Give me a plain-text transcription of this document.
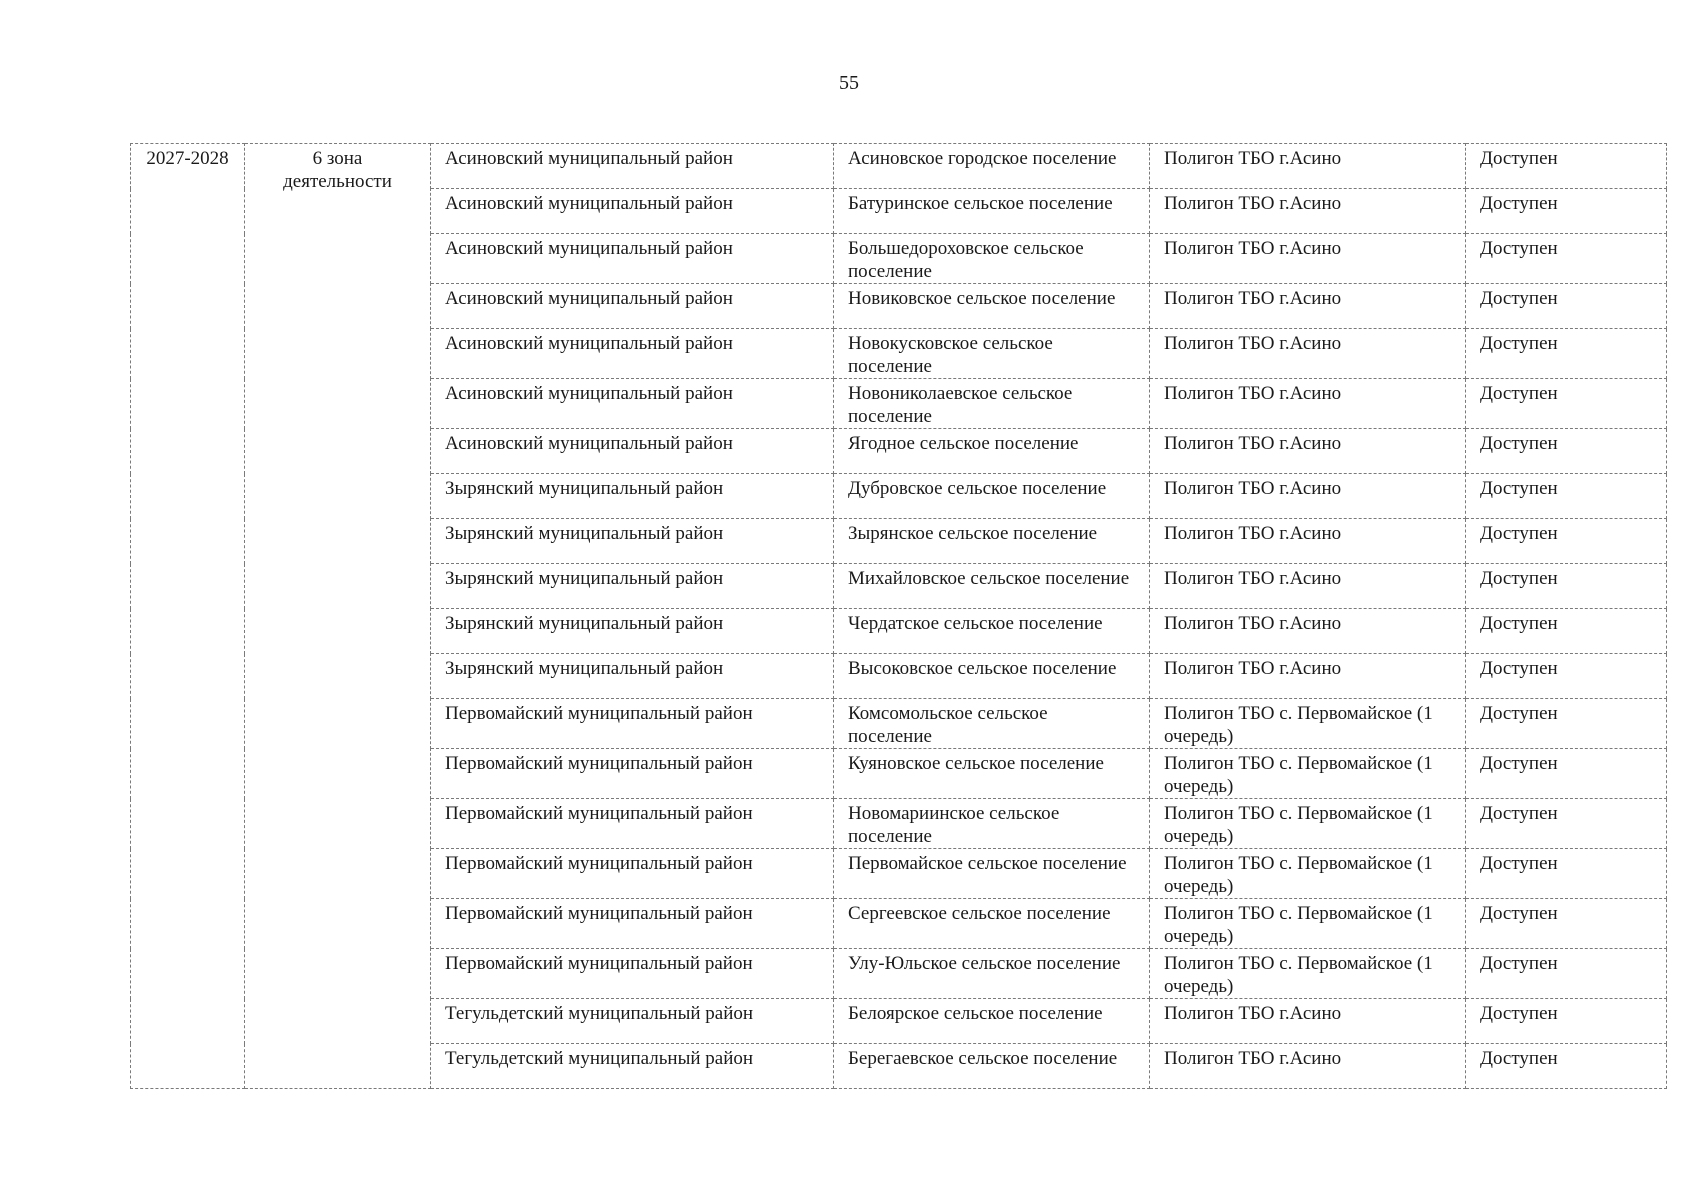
55
2027-2028	6 зона деятельности	Асиновский муниципальный район	Асиновское городское поселение	Полигон ТБО г.Асино	Доступен
		Асиновский муниципальный район	Батуринское сельское поселение	Полигон ТБО г.Асино	Доступен
		Асиновский муниципальный район	Большедороховское сельское поселение	Полигон ТБО г.Асино	Доступен
		Асиновский муниципальный район	Новиковское сельское поселение	Полигон ТБО г.Асино	Доступен
		Асиновский муниципальный район	Новокусковское сельское поселение	Полигон ТБО г.Асино	Доступен
		Асиновский муниципальный район	Новониколаевское сельское поселение	Полигон ТБО г.Асино	Доступен
		Асиновский муниципальный район	Ягодное сельское поселение	Полигон ТБО г.Асино	Доступен
		Зырянский муниципальный район	Дубровское сельское поселение	Полигон ТБО г.Асино	Доступен
		Зырянский муниципальный район	Зырянское сельское поселение	Полигон ТБО г.Асино	Доступен
		Зырянский муниципальный район	Михайловское сельское поселение	Полигон ТБО г.Асино	Доступен
		Зырянский муниципальный район	Чердатское сельское поселение	Полигон ТБО г.Асино	Доступен
		Зырянский муниципальный район	Высоковское сельское поселение	Полигон ТБО г.Асино	Доступен
		Первомайский муниципальный район	Комсомольское сельское поселение	Полигон ТБО с. Первомайское (1 очередь)	Доступен
		Первомайский муниципальный район	Куяновское сельское поселение	Полигон ТБО с. Первомайское (1 очередь)	Доступен
		Первомайский муниципальный район	Новомариинское сельское поселение	Полигон ТБО с. Первомайское (1 очередь)	Доступен
		Первомайский муниципальный район	Первомайское сельское поселение	Полигон ТБО с. Первомайское (1 очередь)	Доступен
		Первомайский муниципальный район	Сергеевское сельское поселение	Полигон ТБО с. Первомайское (1 очередь)	Доступен
		Первомайский муниципальный район	Улу-Юльское сельское поселение	Полигон ТБО с. Первомайское (1 очередь)	Доступен
		Тегульдетский муниципальный район	Белоярское сельское поселение	Полигон ТБО г.Асино	Доступен
		Тегульдетский муниципальный район	Берегаевское сельское поселение	Полигон ТБО г.Асино	Доступен
